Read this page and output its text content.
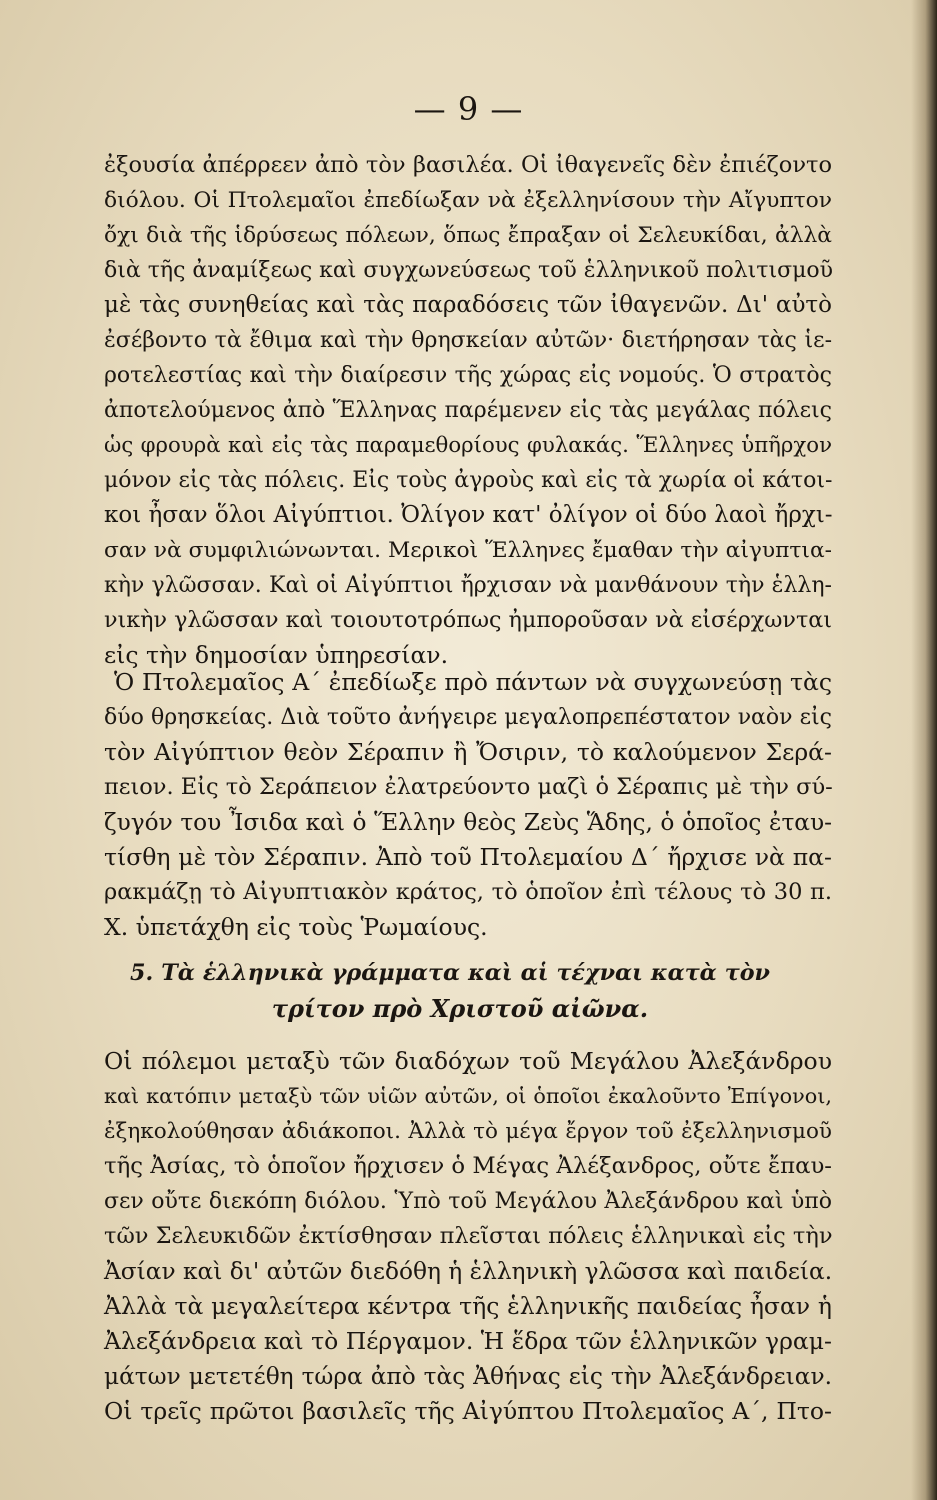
— 9 —
ἐξουσία ἀπέρρεεν ἀπὸ τὸν βασιλέα. Οἱ ἰθαγενεῖς δὲν ἐπιέζοντο
διόλου. Οἱ Πτολεμαῖοι ἐπεδίωξαν νὰ ἐξελληνίσουν τὴν Αἴγυπτον
ὄχι διὰ τῆς ἱδρύσεως πόλεων, ὅπως ἔπραξαν οἱ Σελευκίδαι, ἀλλὰ
διὰ τῆς ἀναμίξεως καὶ συγχωνεύσεως τοῦ ἑλληνικοῦ πολιτισμοῦ
μὲ τὰς συνηθείας καὶ τὰς παραδόσεις τῶν ἰθαγενῶν. Δι' αὐτὸ
ἐσέβοντο τὰ ἔθιμα καὶ τὴν θρησκείαν αὐτῶν· διετήρησαν τὰς ἱε-
ροτελεστίας καὶ τὴν διαίρεσιν τῆς χώρας εἰς νομούς. Ὁ στρατὸς
ἀποτελούμενος ἀπὸ Ἕλληνας παρέμενεν εἰς τὰς μεγάλας πόλεις
ὡς φρουρὰ καὶ εἰς τὰς παραμεθορίους φυλακάς. Ἕλληνες ὑπῆρχον
μόνον εἰς τὰς πόλεις. Εἰς τοὺς ἀγροὺς καὶ εἰς τὰ χωρία οἱ κάτοι-
κοι ἦσαν ὅλοι Αἰγύπτιοι. Ὀλίγον κατ' ὀλίγον οἱ δύο λαοὶ ἤρχι-
σαν νὰ συμφιλιώνωνται. Μερικοὶ Ἕλληνες ἔμαθαν τὴν αἰγυπτια-
κὴν γλῶσσαν. Καὶ οἱ Αἰγύπτιοι ἤρχισαν νὰ μανθάνουν τὴν ἑλλη-
νικὴν γλῶσσαν καὶ τοιουτοτρόπως ἠμποροῦσαν νὰ εἰσέρχωνται
εἰς τὴν δημοσίαν ὑπηρεσίαν.
Ὁ Πτολεμαῖος Α΄ ἐπεδίωξε πρὸ πάντων νὰ συγχωνεύσῃ τὰς
δύο θρησκείας. Διὰ τοῦτο ἀνήγειρε μεγαλοπρεπέστατον ναὸν εἰς
τὸν Αἰγύπτιον θεὸν Σέραπιν ἢ Ὄσιριν, τὸ καλούμενον Σερά-
πειον. Εἰς τὸ Σεράπειον ἐλατρεύοντο μαζὶ ὁ Σέραπις μὲ τὴν σύ-
ζυγόν του Ἶσιδα καὶ ὁ Ἕλλην θεὸς Ζεὺς Ἅδης, ὁ ὁποῖος ἐταυ-
τίσθη μὲ τὸν Σέραπιν. Ἀπὸ τοῦ Πτολεμαίου Δ΄ ἤρχισε νὰ πα-
ρακμάζῃ τὸ Αἰγυπτιακὸν κράτος, τὸ ὁποῖον ἐπὶ τέλους τὸ 30 π.
Χ. ὑπετάχθη εἰς τοὺς Ῥωμαίους.
5. Τὰ ἑλληνικὰ γράμματα καὶ αἱ τέχναι κατὰ τὸν
τρίτον πρὸ Χριστοῦ αἰῶνα.
Οἱ πόλεμοι μεταξὺ τῶν διαδόχων τοῦ Μεγάλου Ἀλεξάνδρου
καὶ κατόπιν μεταξὺ τῶν υἱῶν αὐτῶν, οἱ ὁποῖοι ἐκαλοῦντο Ἐπίγονοι,
ἐξηκολούθησαν ἀδιάκοποι. Ἀλλὰ τὸ μέγα ἔργον τοῦ ἐξελληνισμοῦ
τῆς Ἀσίας, τὸ ὁποῖον ἤρχισεν ὁ Μέγας Ἀλέξανδρος, οὔτε ἔπαυ-
σεν οὔτε διεκόπη διόλου. Ὑπὸ τοῦ Μεγάλου Ἀλεξάνδρου καὶ ὑπὸ
τῶν Σελευκιδῶν ἐκτίσθησαν πλεῖσται πόλεις ἑλληνικαὶ εἰς τὴν
Ἀσίαν καὶ δι' αὐτῶν διεδόθη ἡ ἑλληνικὴ γλῶσσα καὶ παιδεία.
Ἀλλὰ τὰ μεγαλείτερα κέντρα τῆς ἑλληνικῆς παιδείας ἦσαν ἡ
Ἀλεξάνδρεια καὶ τὸ Πέργαμον. Ἡ ἕδρα τῶν ἑλληνικῶν γραμ-
μάτων μετετέθη τώρα ἀπὸ τὰς Ἀθήνας εἰς τὴν Ἀλεξάνδρειαν.
Οἱ τρεῖς πρῶτοι βασιλεῖς τῆς Αἰγύπτου Πτολεμαῖος Α΄, Πτο-
